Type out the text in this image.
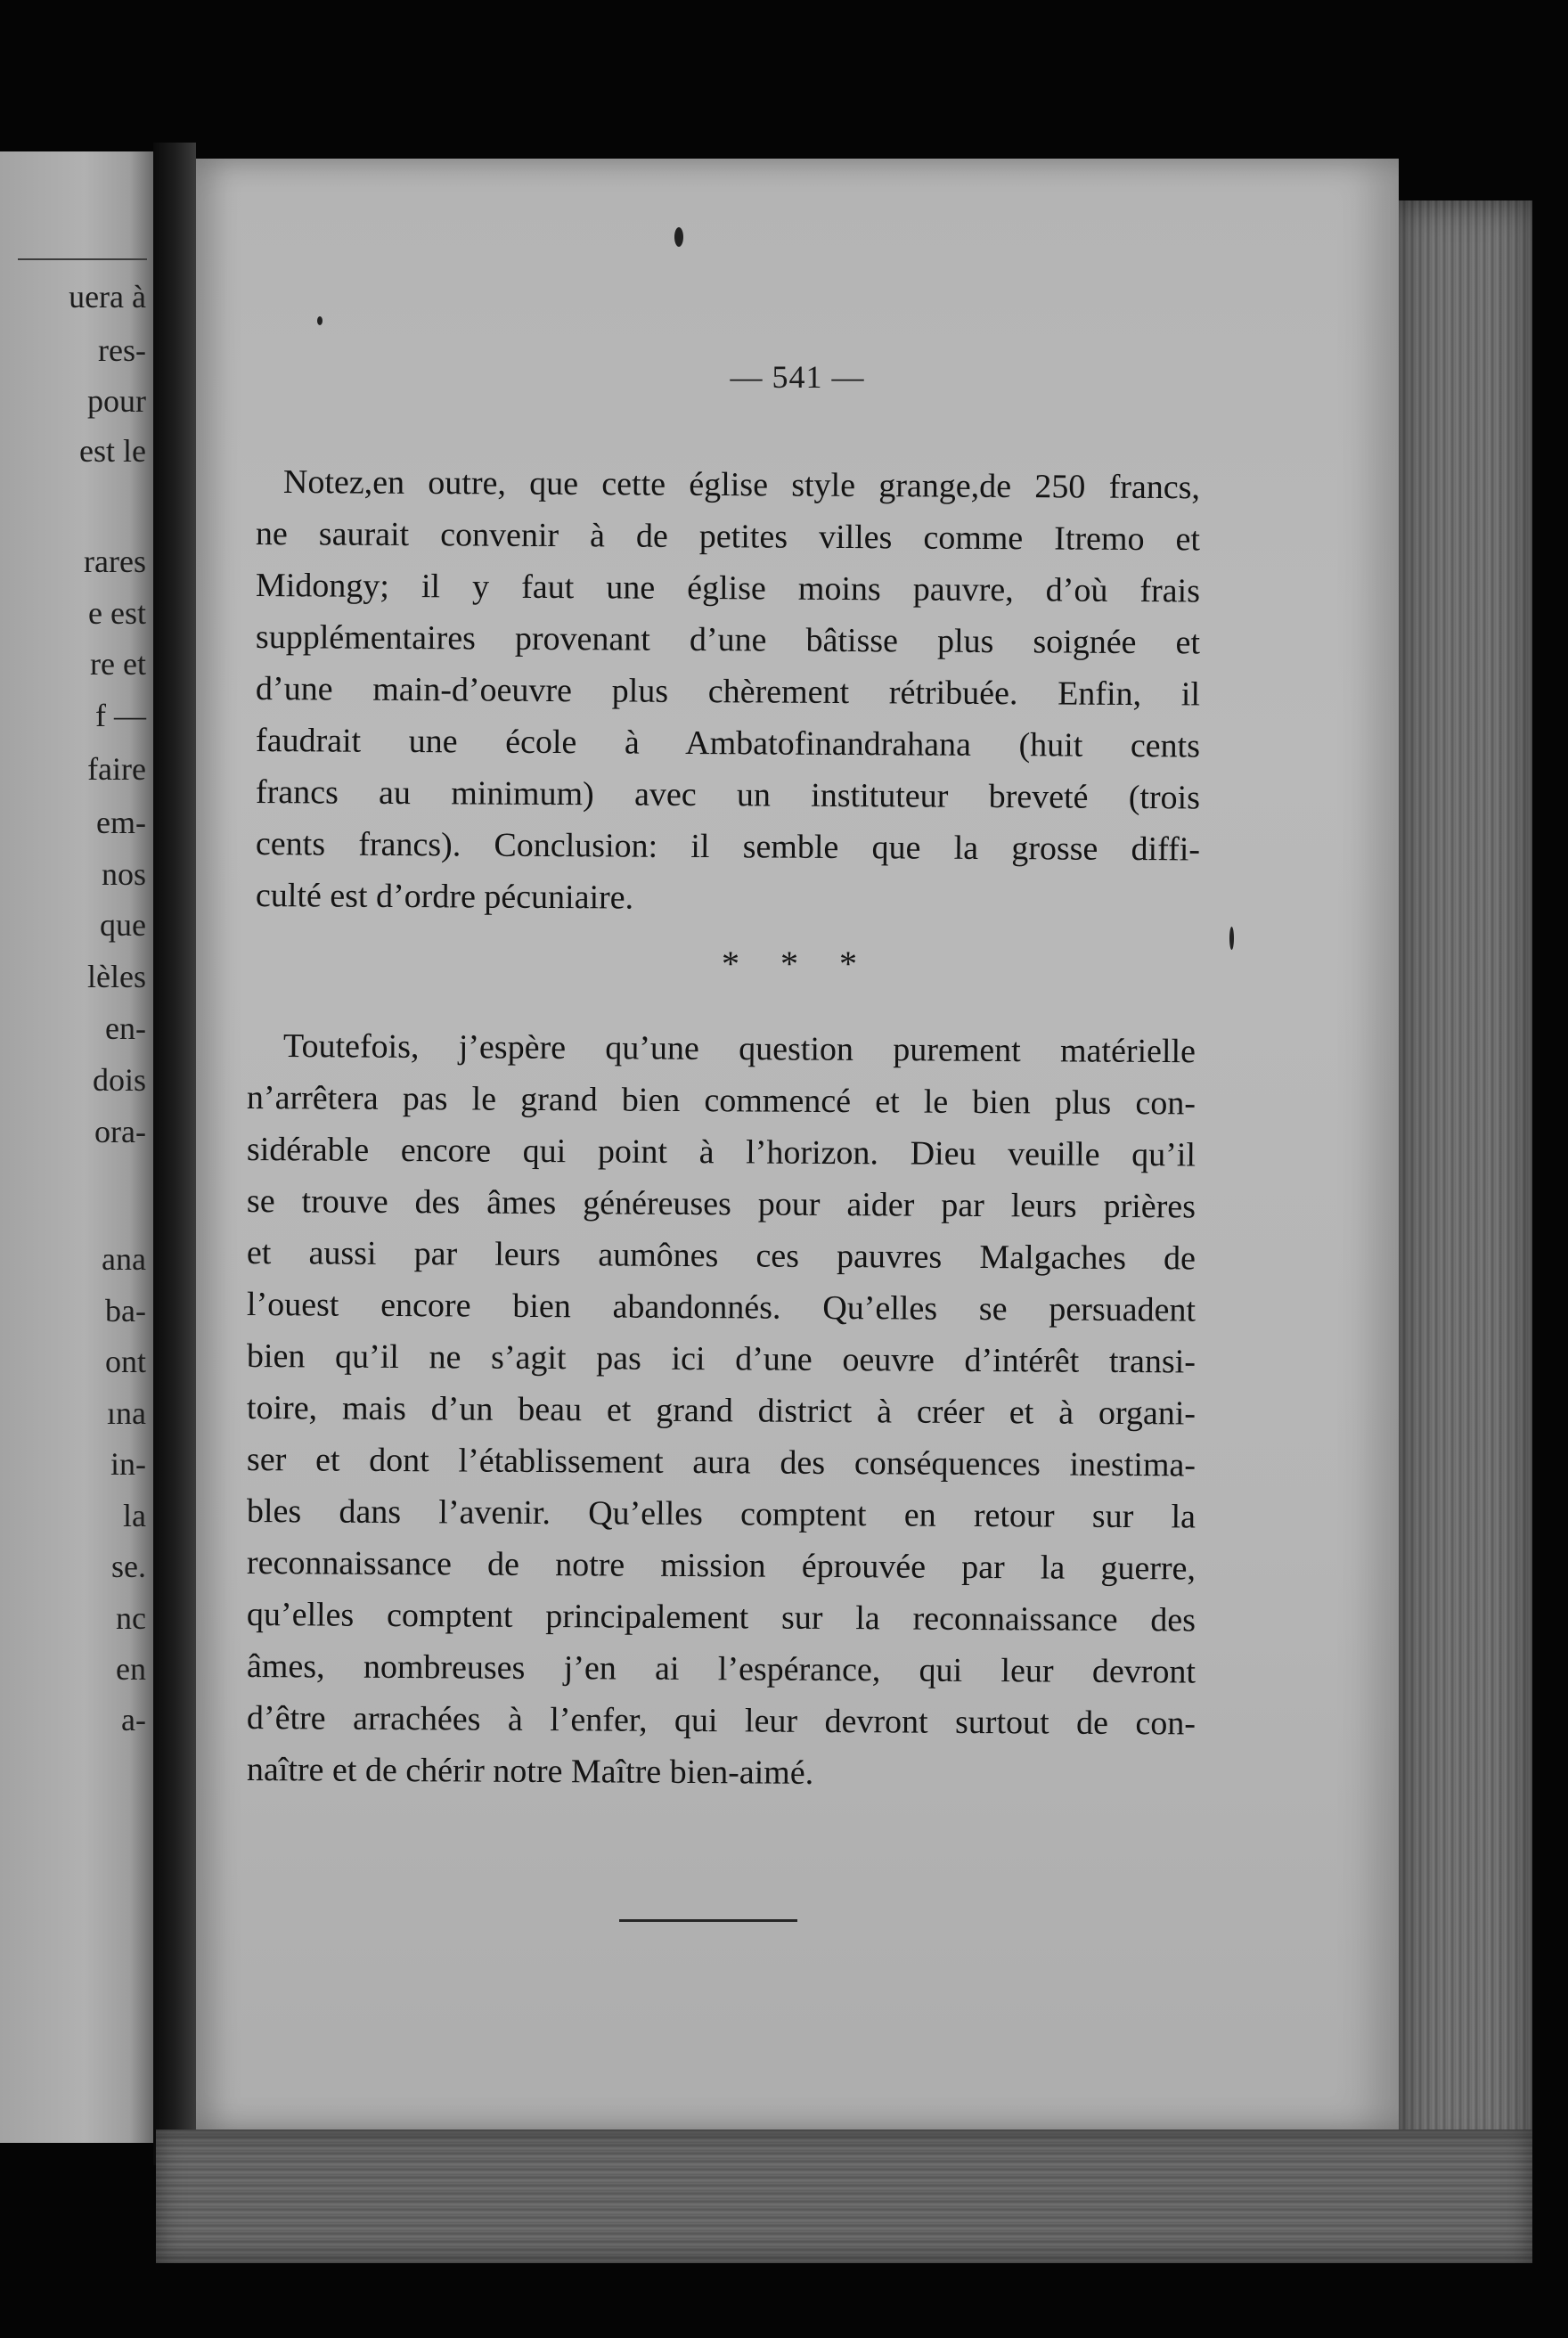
uera à
res-
pour
est le
rares
e est
re et
f —
faire
em-
nos
que
lèles
en-
dois
ora-
ana
ba-
ont
ına
in-
la
se.
nc
en
a-
— 541 —
Notez,en outre, que cette église style grange,de 250 francs,
ne saurait convenir à de petites villes comme Itremo et
Midongy; il y faut une église moins pauvre, d’où frais
supplémentaires provenant d’une bâtisse plus soignée et
d’une main-d’oeuvre plus chèrement rétribuée. Enfin, il
faudrait une école à Ambatofinandrahana (huit cents
francs au minimum) avec un instituteur breveté (trois
cents francs). Conclusion: il semble que la grosse diffi-
culté est d’ordre pécuniaire.
* * *
Toutefois, j’espère qu’une question purement matérielle
n’arrêtera pas le grand bien commencé et le bien plus con-
sidérable encore qui point à l’horizon. Dieu veuille qu’il
se trouve des âmes généreuses pour aider par leurs prières
et aussi par leurs aumônes ces pauvres Malgaches de
l’ouest encore bien abandonnés. Qu’elles se persuadent
bien qu’il ne s’agit pas ici d’une oeuvre d’intérêt transi-
toire, mais d’un beau et grand district à créer et à organi-
ser et dont l’établissement aura des conséquences inestima-
bles dans l’avenir. Qu’elles comptent en retour sur la
reconnaissance de notre mission éprouvée par la guerre,
qu’elles comptent principalement sur la reconnaissance des
âmes, nombreuses j’en ai l’espérance, qui leur devront
d’être arrachées à l’enfer, qui leur devront surtout de con-
naître et de chérir notre Maître bien-aimé.
